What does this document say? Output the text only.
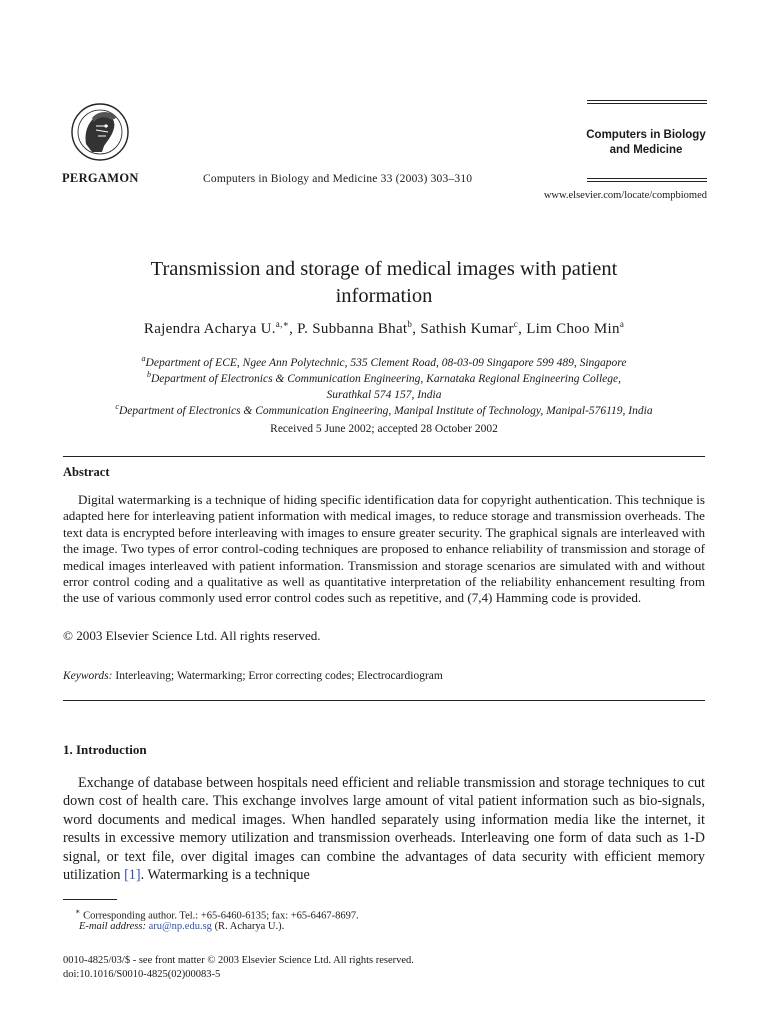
PERGAMON	Computers in Biology and Medicine 33 (2003) 303–310
Computers in Biology
and Medicine
www.elsevier.com/locate/compbiomed
Transmission and storage of medical images with patient
information
Rajendra Acharya U.$^{a,∗}$, P. Subbanna Bhat$^b$, Sathish Kumar$^c$, Lim Choo Min$^a$
$^a$Department of ECE, Ngee Ann Polytechnic, 535 Clement Road, 08-03-09 Singapore 599 489, Singapore
$^b$Department of Electronics & Communication Engineering, Karnataka Regional Engineering College,
Surathkal 574 157, India
$^c$Department of Electronics & Communication Engineering, Manipal Institute of Technology, Manipal-576119, India
Received 5 June 2002; accepted 28 October 2002
Abstract
Digital watermarking is a technique of hiding specific identification data for copyright authentication. This technique is adapted here for interleaving patient information with medical images, to reduce storage and transmission overheads. The text data is encrypted before interleaving with images to ensure greater security. The graphical signals are interleaved with the image. Two types of error control-coding techniques are proposed to enhance reliability of transmission and storage of medical images interleaved with patient information. Transmission and storage scenarios are simulated with and without error control coding and a qualitative as well as quantitative interpretation of the reliability enhancement resulting from the use of various commonly used error control codes such as repetitive, and (7,4) Hamming code is provided.
© 2003 Elsevier Science Ltd. All rights reserved.
Keywords: Interleaving; Watermarking; Error correcting codes; Electrocardiogram
1. Introduction
Exchange of database between hospitals need efficient and reliable transmission and storage techniques to cut down cost of health care. This exchange involves large amount of vital patient information such as bio-signals, word documents and medical images. When handled separately using information media like the internet, it results in excessive memory utilization and transmission overheads. Interleaving one form of data such as 1-D signal, or text file, over digital images can combine the advantages of data security with efficient memory utilization [1]. Watermarking is a technique
∗ Corresponding author. Tel.: +65-6460-6135; fax: +65-6467-8697.
E-mail address: aru@np.edu.sg (R. Acharya U.).
0010-4825/03/$ - see front matter © 2003 Elsevier Science Ltd. All rights reserved.
doi:10.1016/S0010-4825(02)00083-5
